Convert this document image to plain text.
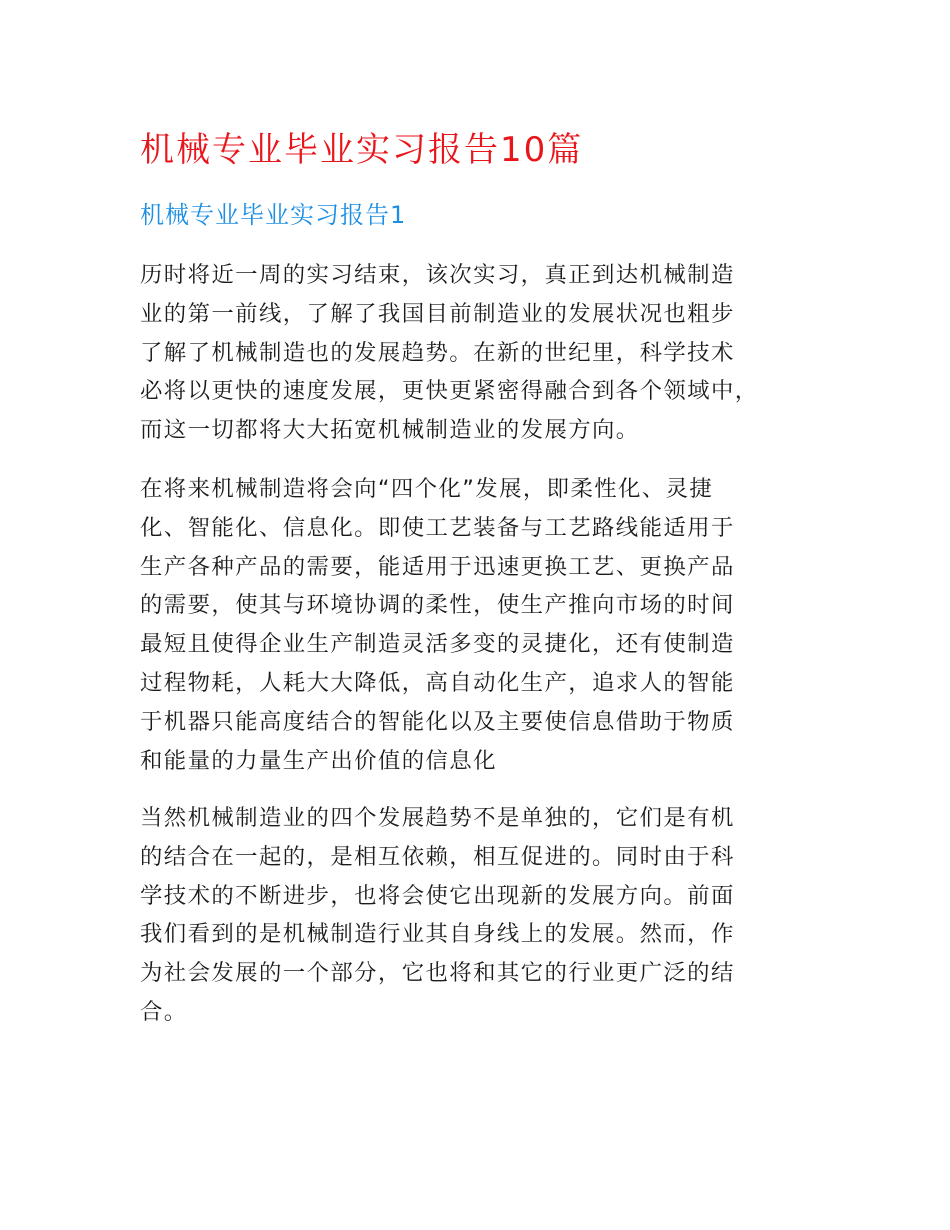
机械专业毕业实习报告10篇
机械专业毕业实习报告1
历时将近一周的实习结束，该次实习，真正到达机械制造
业的第一前线，了解了我国目前制造业的发展状况也粗步
了解了机械制造也的发展趋势。在新的世纪里，科学技术
必将以更快的速度发展，更快更紧密得融合到各个领域中，
而这一切都将大大拓宽机械制造业的发展方向。
在将来机械制造将会向“四个化”发展，即柔性化、灵捷
化、智能化、信息化。即使工艺装备与工艺路线能适用于
生产各种产品的需要，能适用于迅速更换工艺、更换产品
的需要，使其与环境协调的柔性，使生产推向市场的时间
最短且使得企业生产制造灵活多变的灵捷化，还有使制造
过程物耗，人耗大大降低，高自动化生产，追求人的智能
于机器只能高度结合的智能化以及主要使信息借助于物质
和能量的力量生产出价值的信息化
当然机械制造业的四个发展趋势不是单独的，它们是有机
的结合在一起的，是相互依赖，相互促进的。同时由于科
学技术的不断进步，也将会使它出现新的发展方向。前面
我们看到的是机械制造行业其自身线上的发展。然而，作
为社会发展的一个部分，它也将和其它的行业更广泛的结
合。
